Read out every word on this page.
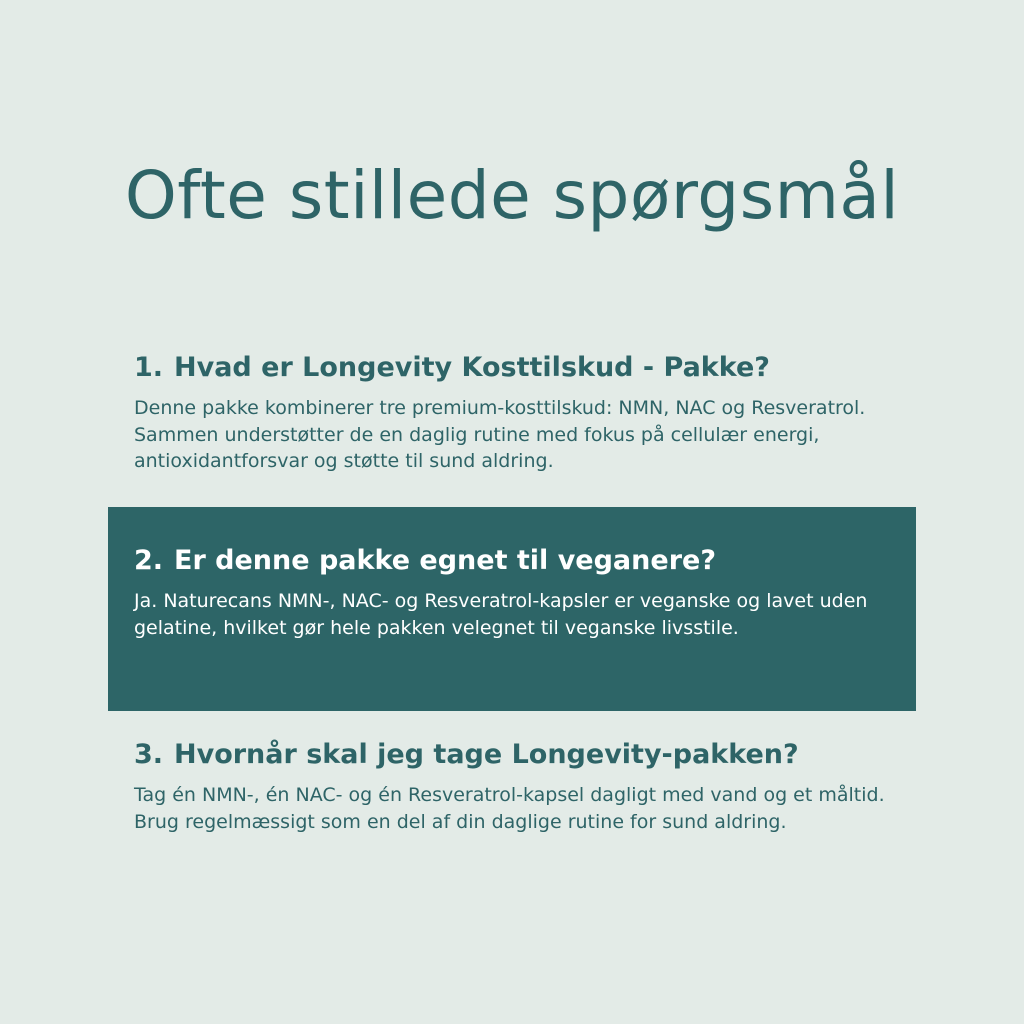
Ofte stillede spørgsmål
1. Hvad er Longevity Kosttilskud - Pakke?

Denne pakke kombinerer tre premium-kosttilskud: NMN, NAC og Resveratrol. Sammen understøtter de en daglig rutine med fokus på cellulær energi, antioxidantforsvar og støtte til sund aldring.

2. Er denne pakke egnet til veganere?

Ja. Naturecans NMN-, NAC- og Resveratrol-kapsler er veganske og lavet uden gelatine, hvilket gør hele pakken velegnet til veganske livsstile.

3. Hvornår skal jeg tage Longevity-pakken?

Tag én NMN-, én NAC- og én Resveratrol-kapsel dagligt med vand og et måltid. Brug regelmæssigt som en del af din daglige rutine for sund aldring.
